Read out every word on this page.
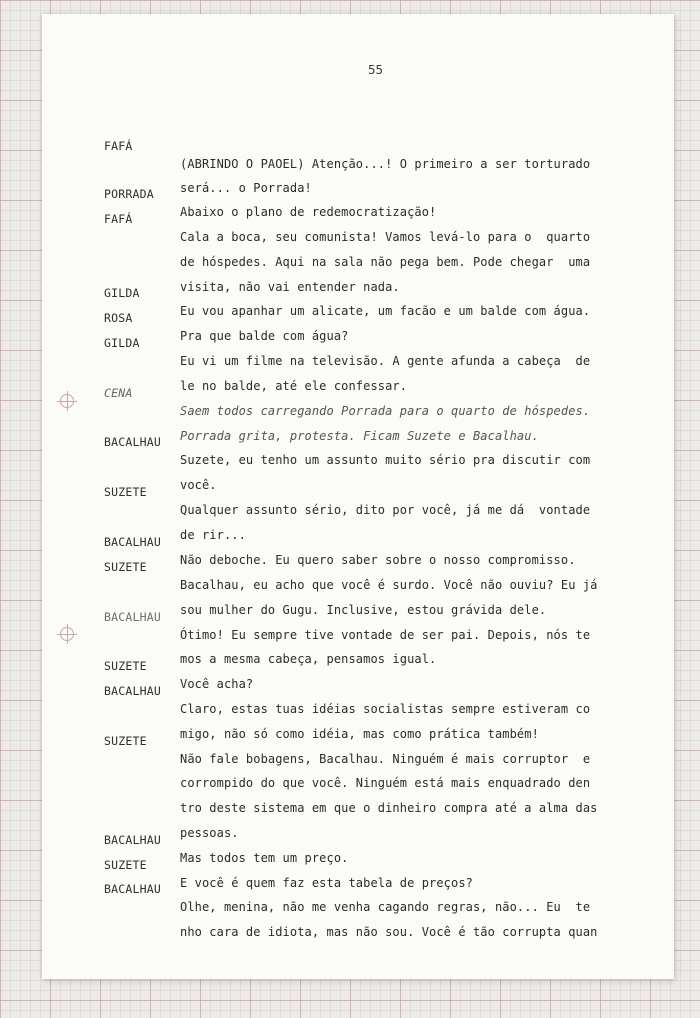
55

FAFÁ

(ABRINDO O PAOEL) Atenção...! O primeiro a ser torturado

será... o Porrada!

PORRADA

Abaixo o plano de redemocratização!

FAFÁ

Cala a boca, seu comunista! Vamos levá-lo para o  quarto

de hóspedes. Aqui na sala não pega bem. Pode chegar  uma

visita, não vai entender nada.

GILDA

Eu vou apanhar um alicate, um facão e um balde com água.

ROSA

Pra que balde com água?

GILDA

Eu vi um filme na televisão. A gente afunda a cabeça  de

le no balde, até ele confessar.

CENA

Saem todos carregando Porrada para o quarto de hóspedes.

Porrada grita, protesta. Ficam Suzete e Bacalhau.

BACALHAU

Suzete, eu tenho um assunto muito sério pra discutir com

você.

SUZETE

Qualquer assunto sério, dito por você, já me dá  vontade

de rir...

BACALHAU

Não deboche. Eu quero saber sobre o nosso compromisso.

SUZETE

Bacalhau, eu acho que você é surdo. Você não ouviu? Eu já

sou mulher do Gugu. Inclusive, estou grávida dele.

BACALHAU

Ótimo! Eu sempre tive vontade de ser pai. Depois, nós te

mos a mesma cabeça, pensamos igual.

SUZETE

Você acha?

BACALHAU

Claro, estas tuas idéias socialistas sempre estiveram co

migo, não só como idéia, mas como prática também!

SUZETE

Não fale bobagens, Bacalhau. Ninguém é mais corruptor  e

corrompido do que você. Ninguém está mais enquadrado den

tro deste sistema em que o dinheiro compra até a alma das

pessoas.

BACALHAU

Mas todos tem um preço.

SUZETE

E você é quem faz esta tabela de preços?

BACALHAU

Olhe, menina, não me venha cagando regras, não... Eu  te

nho cara de idiota, mas não sou. Você é tão corrupta quan
